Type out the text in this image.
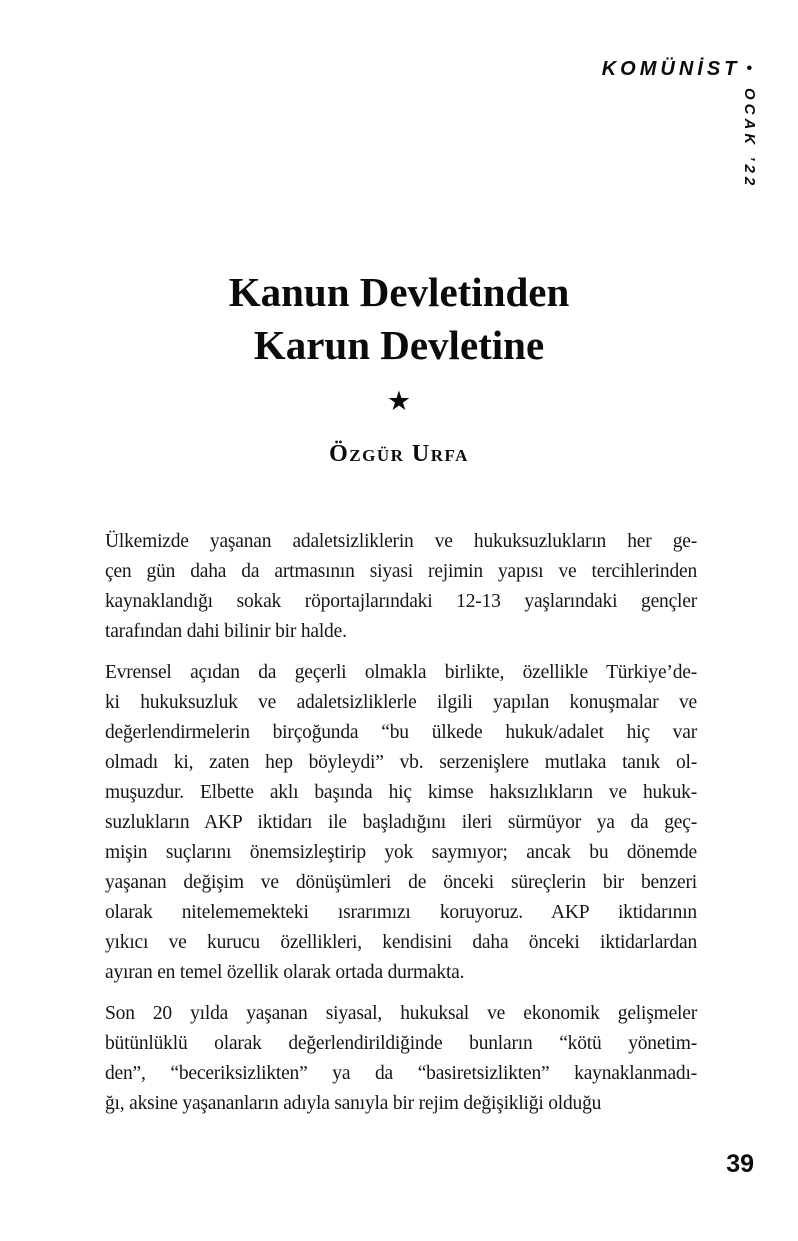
KOMÜNİST •
OCAK ’22
Kanun Devletinden
Karun Devletine
★
Özgür Urfa

Ülkemizde yaşanan adaletsizliklerin ve hukuksuzlukların her ge-
çen gün daha da artmasının siyasi rejimin yapısı ve tercihlerinden
kaynaklandığı sokak röportajlarındaki 12-13 yaşlarındaki gençler
tarafından dahi bilinir bir halde.

Evrensel açıdan da geçerli olmakla birlikte, özellikle Türkiye’de-
ki hukuksuzluk ve adaletsizliklerle ilgili yapılan konuşmalar ve
değerlendirmelerin birçoğunda “bu ülkede hukuk/adalet hiç var
olmadı ki, zaten hep böyleydi” vb. serzenişlere mutlaka tanık ol-
muşuzdur. Elbette aklı başında hiç kimse haksızlıkların ve hukuk-
suzlukların AKP iktidarı ile başladığını ileri sürmüyor ya da geç-
mişin suçlarını önemsizleştirip yok saymıyor; ancak bu dönemde
yaşanan değişim ve dönüşümleri de önceki süreçlerin bir benzeri
olarak nitelememekteki ısrarımızı koruyoruz. AKP iktidarının
yıkıcı ve kurucu özellikleri, kendisini daha önceki iktidarlardan
ayıran en temel özellik olarak ortada durmakta.

Son 20 yılda yaşanan siyasal, hukuksal ve ekonomik gelişmeler
bütünlüklü olarak değerlendirildiğinde bunların “kötü yönetim-
den”, “beceriksizlikten” ya da “basiretsizlikten” kaynaklanmadı-
ğı, aksine yaşananların adıyla sanıyla bir rejim değişikliği olduğu

39
